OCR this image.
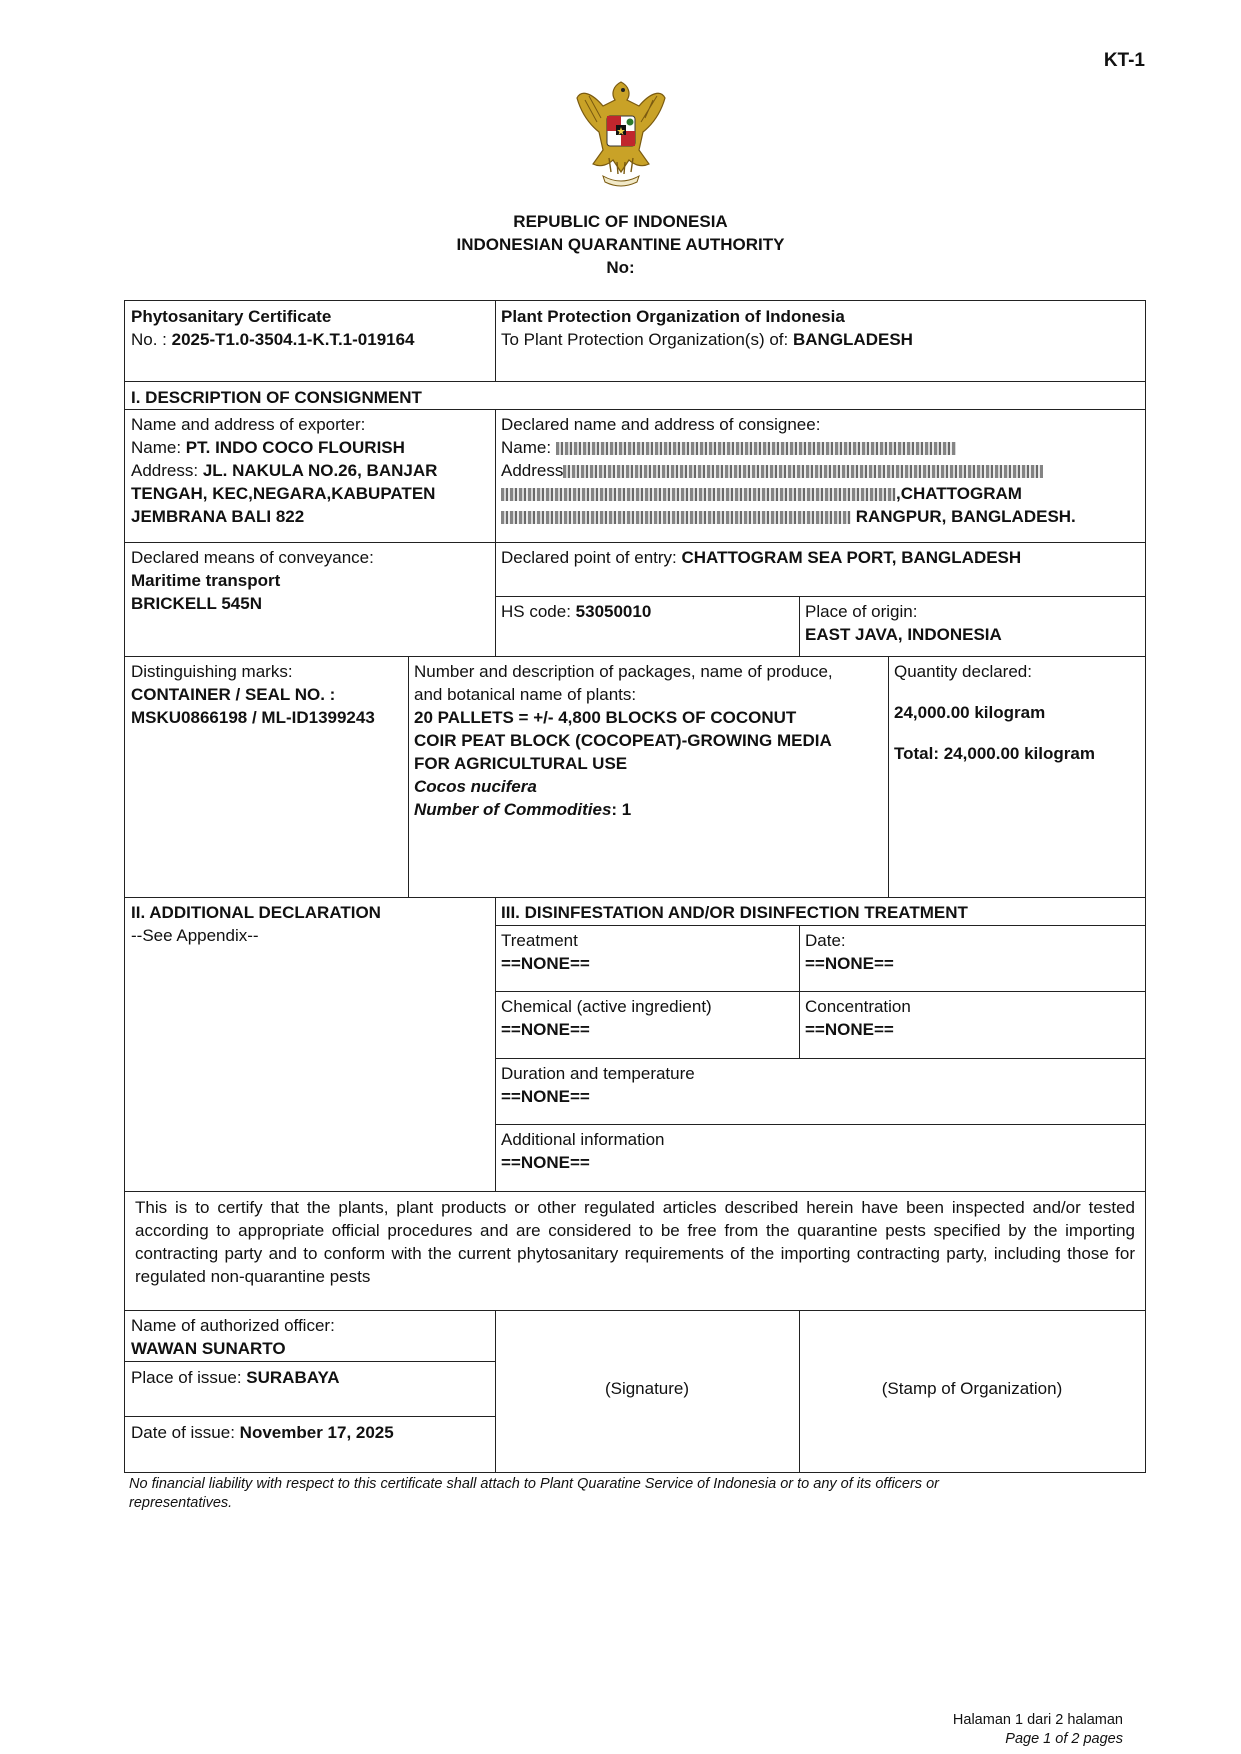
KT-1
REPUBLIC OF INDONESIA
INDONESIAN QUARANTINE AUTHORITY
No:
Phytosanitary Certificate
No. : 2025-T1.0-3504.1-K.T.1-019164
Plant Protection Organization of Indonesia
To Plant Protection Organization(s) of: BANGLADESH
I. DESCRIPTION OF CONSIGNMENT
Name and address of exporter:
Name: PT. INDO COCO FLOURISH
Address: JL. NAKULA NO.26, BANJAR
TENGAH, KEC,NEGARA,KABUPATEN
JEMBRANA BALI 822
Declared name and address of consignee:
Name:
Address
,CHATTOGRAM
RANGPUR, BANGLADESH.
Declared means of conveyance:
Maritime transport
BRICKELL 545N
Declared point of entry: CHATTOGRAM SEA PORT, BANGLADESH
HS code: 53050010	Place of origin:
EAST JAVA, INDONESIA
Distinguishing marks:
CONTAINER / SEAL NO. :
MSKU0866198 / ML-ID1399243
Number and description of packages, name of produce,
and botanical name of plants:
20 PALLETS = +/- 4,800 BLOCKS OF COCONUT
COIR PEAT BLOCK (COCOPEAT)-GROWING MEDIA
FOR AGRICULTURAL USE
Cocos nucifera
Number of Commodities: 1
Quantity declared:
24,000.00 kilogram
Total: 24,000.00 kilogram
II. ADDITIONAL DECLARATION
--See Appendix--
III. DISINFESTATION AND/OR DISINFECTION TREATMENT
Treatment
==NONE==
Date:
==NONE==
Chemical (active ingredient)
==NONE==
Concentration
==NONE==
Duration and temperature
==NONE==
Additional information
==NONE==
This is to certify that the plants, plant products or other regulated articles described herein have been inspected and/or tested according to appropriate official procedures and are considered to be free from the quarantine pests specified by the importing contracting party and to conform with the current phytosanitary requirements of the importing contracting party, including those for regulated non-quarantine pests
Name of authorized officer:
WAWAN SUNARTO
Place of issue: SURABAYA
Date of issue: November 17, 2025
(Signature)	(Stamp of Organization)
No financial liability with respect to this certificate shall attach to Plant Quaratine Service of Indonesia or to any of its officers or
representatives.
Halaman 1 dari 2 halaman
Page 1 of 2 pages
